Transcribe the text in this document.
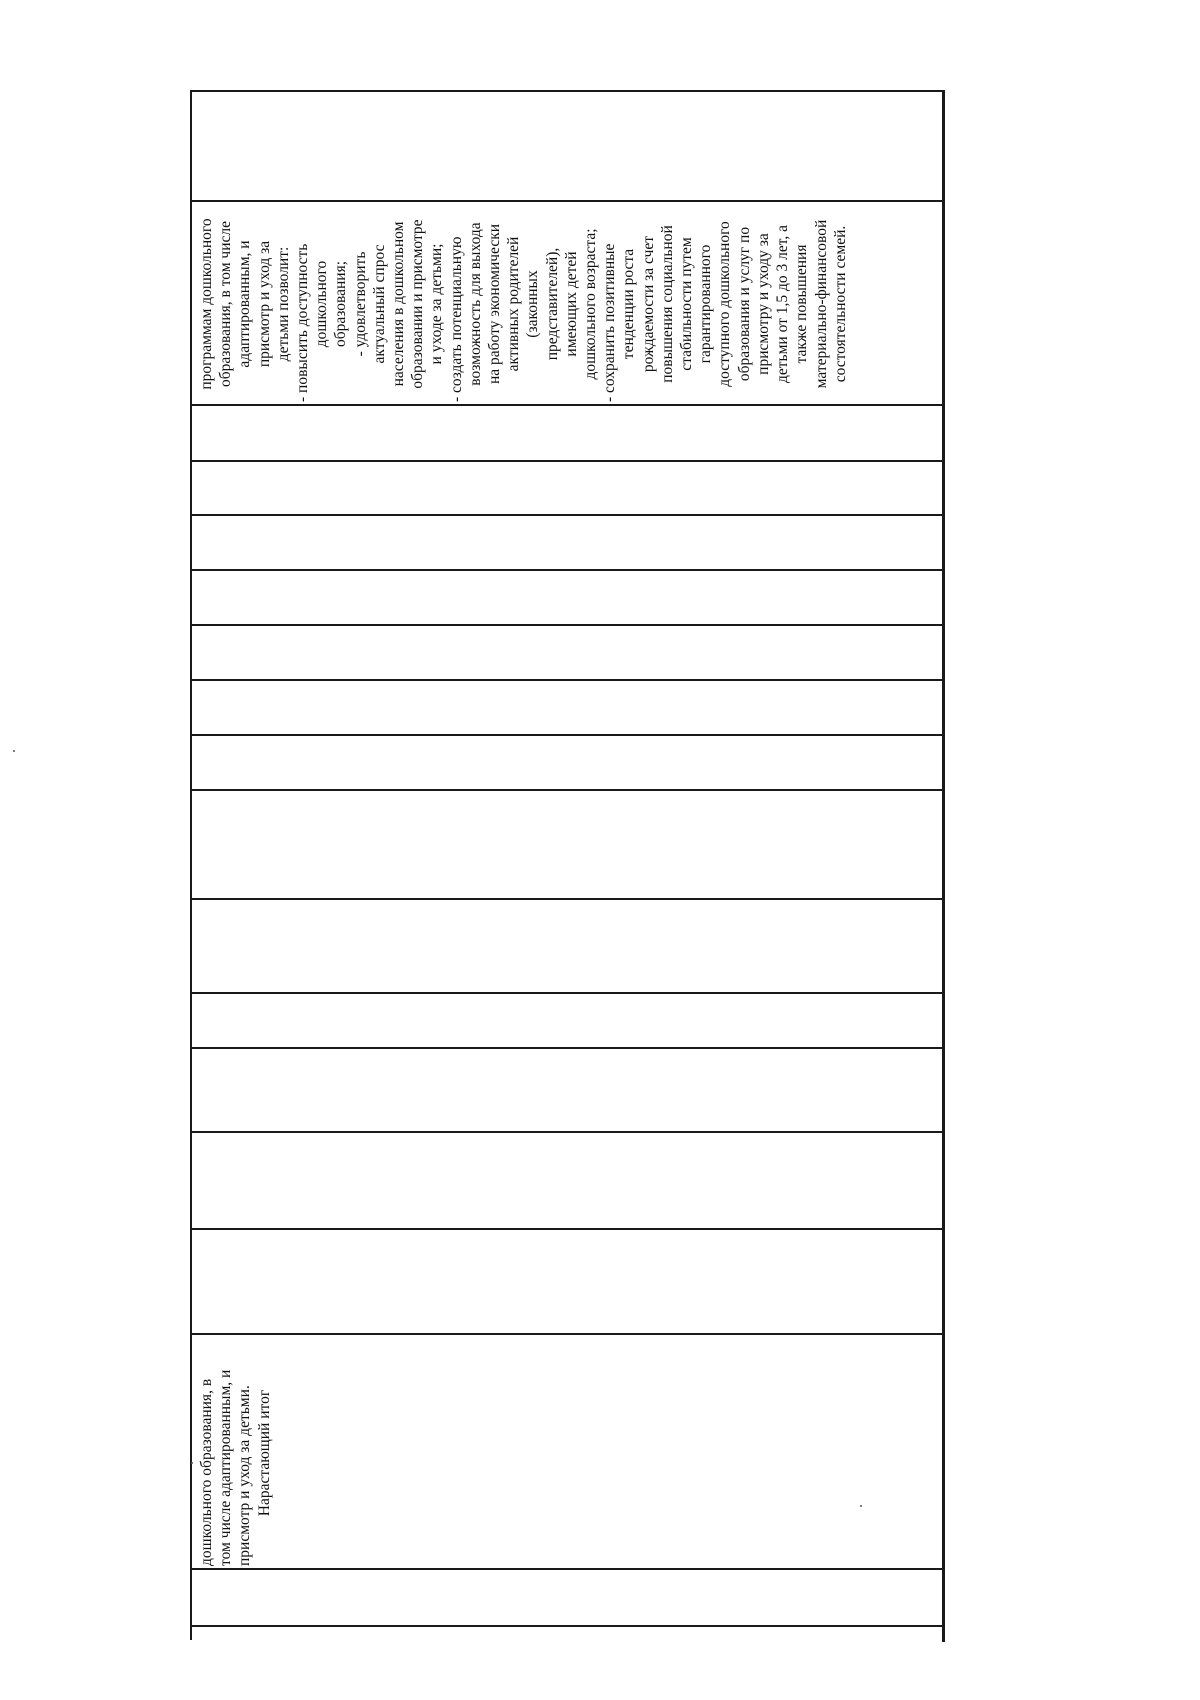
программам дошкольного образования, в том числе адаптированным, и присмотр и уход за детьми позволит: - повысить доступность дошкольного образования; - удовлетворить актуальный спрос населения в дошкольном образовании и присмотре и уходе за детьми; - создать потенциальную возможность для выхода на работу экономически активных родителей (законных представителей), имеющих детей дошкольного возраста; - сохранить позитивные тенденции роста рождаемости за счет повышения социальной стабильности путем гарантированного доступного дошкольного образования и услуг по присмотру и уходу за детьми от 1,5 до 3 лет, а также повышения материально-финансовой состоятельности семей.
дошкольного образования, в том числе адаптированным, и присмотр и уход за детьми. Нарастающий итог
